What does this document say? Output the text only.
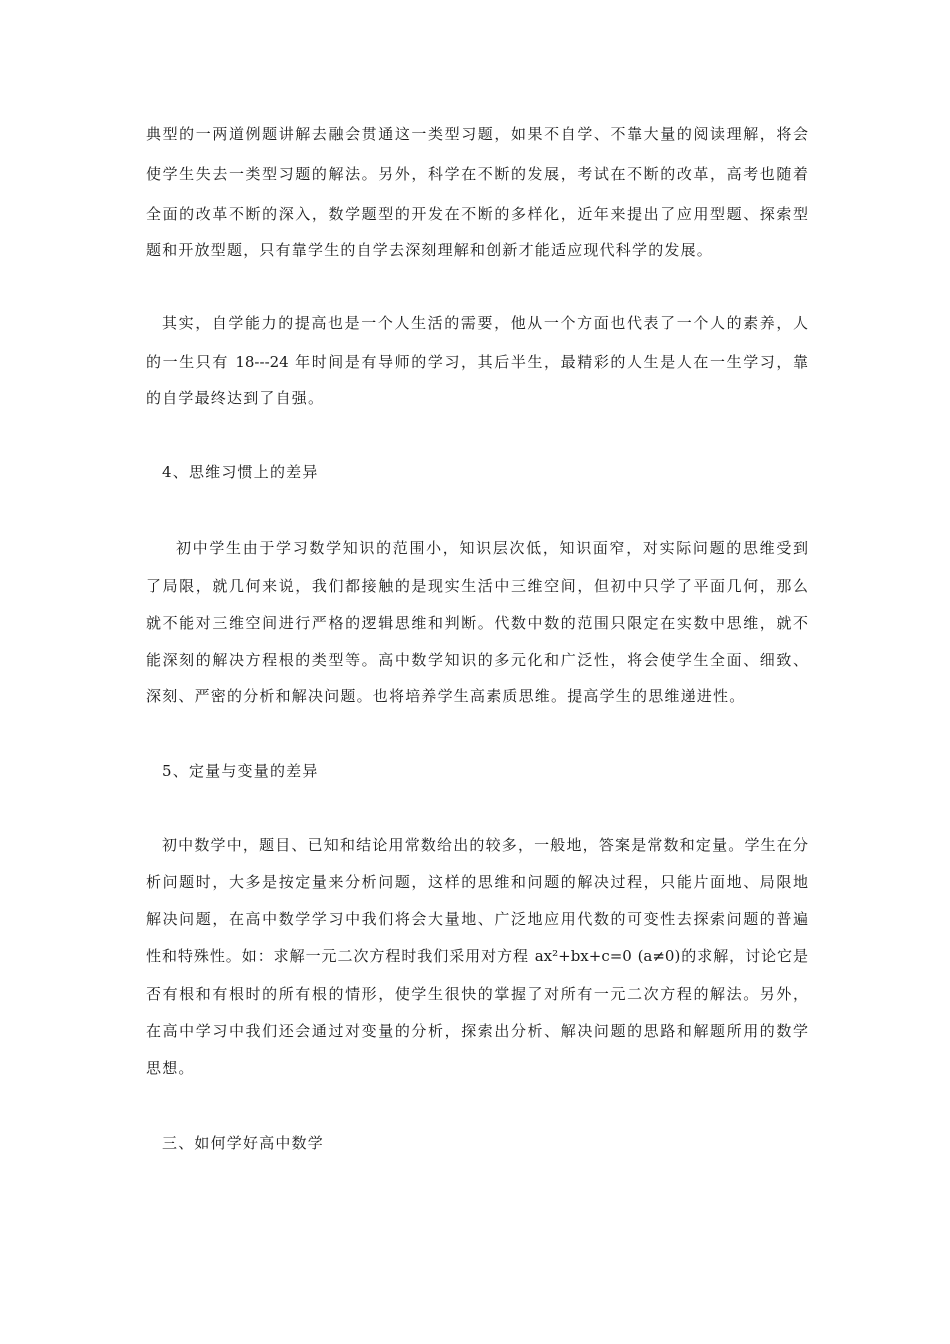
典型的一两道例题讲解去融会贯通这一类型习题，如果不自学、不靠大量的阅读理解，将会
使学生失去一类型习题的解法。另外，科学在不断的发展，考试在不断的改革，高考也随着
全面的改革不断的深入，数学题型的开发在不断的多样化，近年来提出了应用型题、探索型
题和开放型题，只有靠学生的自学去深刻理解和创新才能适应现代科学的发展。
其实，自学能力的提高也是一个人生活的需要，他从一个方面也代表了一个人的素养，人
的一生只有 18---24 年时间是有导师的学习，其后半生，最精彩的人生是人在一生学习，靠
的自学最终达到了自强。
4、思维习惯上的差异
初中学生由于学习数学知识的范围小，知识层次低，知识面窄，对实际问题的思维受到
了局限，就几何来说，我们都接触的是现实生活中三维空间，但初中只学了平面几何，那么
就不能对三维空间进行严格的逻辑思维和判断。代数中数的范围只限定在实数中思维，就不
能深刻的解决方程根的类型等。高中数学知识的多元化和广泛性，将会使学生全面、细致、
深刻、严密的分析和解决问题。也将培养学生高素质思维。提高学生的思维递进性。
5、定量与变量的差异
初中数学中，题目、已知和结论用常数给出的较多，一般地，答案是常数和定量。学生在分
析问题时，大多是按定量来分析问题，这样的思维和问题的解决过程，只能片面地、局限地
解决问题，在高中数学学习中我们将会大量地、广泛地应用代数的可变性去探索问题的普遍
性和特殊性。如：求解一元二次方程时我们采用对方程 ax²+bx+c=0 (a≠0)的求解，讨论它是
否有根和有根时的所有根的情形，使学生很快的掌握了对所有一元二次方程的解法。另外，
在高中学习中我们还会通过对变量的分析，探索出分析、解决问题的思路和解题所用的数学
思想。
三、如何学好高中数学
